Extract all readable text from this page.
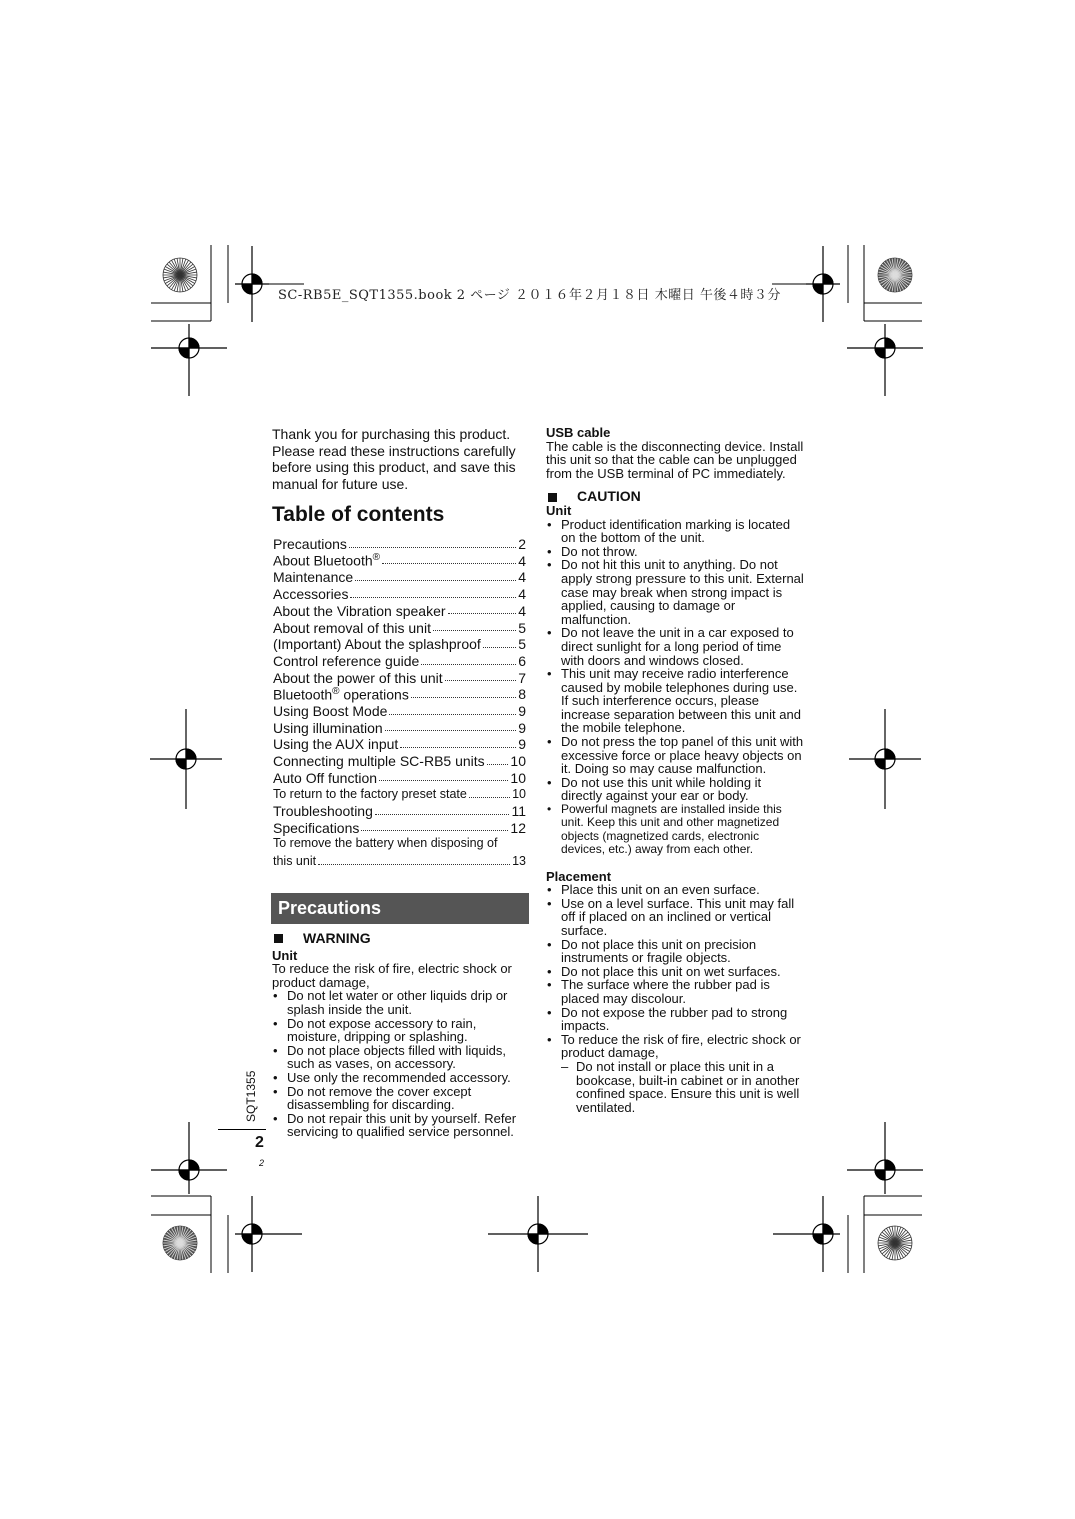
SC-RB5E_SQT1355.book 2 ページ ２０１６年２月１８日 木曜日 午後４時３分
Thank you for purchasing this product. Please read these instructions carefully before using this product, and save this manual for future use.
Table of contents
Precautions	2
About Bluetooth®	4
Maintenance	4
Accessories	4
About the Vibration speaker	4
About removal of this unit	5
(Important) About the splashproof	5
Control reference guide	6
About the power of this unit	7
Bluetooth® operations	8
Using Boost Mode	9
Using illumination	9
Using the AUX input	9
Connecting multiple SC-RB5 units 10
Auto Off function	10
To return to the factory preset state	10
Troubleshooting	11
Specifications	12
To remove the battery when disposing of
this unit	13
Precautions
WARNING
Unit
To reduce the risk of fire, electric shock or product damage,
• Do not let water or other liquids drip or splash inside the unit.
• Do not expose accessory to rain, moisture, dripping or splashing.
• Do not place objects filled with liquids, such as vases, on accessory.
• Use only the recommended accessory.
• Do not remove the cover except disassembling for discarding.
• Do not repair this unit by yourself. Refer servicing to qualified service personnel.
USB cable
The cable is the disconnecting device. Install this unit so that the cable can be unplugged from the USB terminal of PC immediately.
CAUTION
Unit
• Product identification marking is located on the bottom of the unit.
• Do not throw.
• Do not hit this unit to anything. Do not apply strong pressure to this unit. External case may break when strong impact is applied, causing to damage or malfunction.
• Do not leave the unit in a car exposed to direct sunlight for a long period of time with doors and windows closed.
• This unit may receive radio interference caused by mobile telephones during use. If such interference occurs, please increase separation between this unit and the mobile telephone.
• Do not press the top panel of this unit with excessive force or place heavy objects on it. Doing so may cause malfunction.
• Do not use this unit while holding it directly against your ear or body.
• Powerful magnets are installed inside this unit. Keep this unit and other magnetized objects (magnetized cards, electronic devices, etc.) away from each other.
Placement
• Place this unit on an even surface.
• Use on a level surface. This unit may fall off if placed on an inclined or vertical surface.
• Do not place this unit on precision instruments or fragile objects.
• Do not place this unit on wet surfaces.
• The surface where the rubber pad is placed may discolour.
• Do not expose the rubber pad to strong impacts.
• To reduce the risk of fire, electric shock or product damage,
– Do not install or place this unit in a bookcase, built-in cabinet or in another confined space. Ensure this unit is well ventilated.
SQT1355
2
2
